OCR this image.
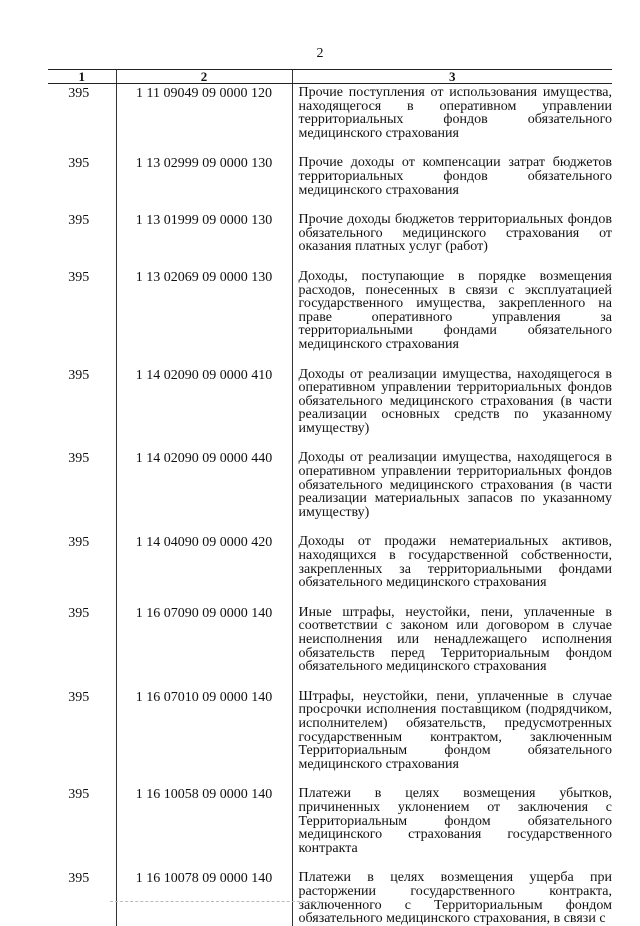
2
1	2	3
395	1 11 09049 09 0000 120	Прочие поступления от использования имущества, находящегося в оперативном управлении территориальных фондов обязательного медицинского страхования
395	1 13 02999 09 0000 130	Прочие доходы от компенсации затрат бюджетов территориальных фондов обязательного медицинского страхования
395	1 13 01999 09 0000 130	Прочие доходы бюджетов территориальных фондов обязательного медицинского страхования от оказания платных услуг (работ)
395	1 13 02069 09 0000 130	Доходы, поступающие в порядке возмещения расходов, понесенных в связи с эксплуатацией государственного имущества, закрепленного на праве оперативного управления за территориальными фондами обязательного медицинского страхования
395	1 14 02090 09 0000 410	Доходы от реализации имущества, находящегося в оперативном управлении территориальных фондов обязательного медицинского страхования (в части реализации основных средств по указанному имуществу)
395	1 14 02090 09 0000 440	Доходы от реализации имущества, находящегося в оперативном управлении территориальных фондов обязательного медицинского страхования (в части реализации материальных запасов по указанному имуществу)
395	1 14 04090 09 0000 420	Доходы от продажи нематериальных активов, находящихся в государственной собственности, закрепленных за территориальными фондами обязательного медицинского страхования
395	1 16 07090 09 0000 140	Иные штрафы, неустойки, пени, уплаченные в соответствии с законом или договором в случае неисполнения или ненадлежащего исполнения обязательств перед Территориальным фондом обязательного медицинского страхования
395	1 16 07010 09 0000 140	Штрафы, неустойки, пени, уплаченные в случае просрочки исполнения поставщиком (подрядчиком, исполнителем) обязательств, предусмотренных государственным контрактом, заключенным Территориальным фондом обязательного медицинского страхования
395	1 16 10058 09 0000 140	Платежи в целях возмещения убытков, причиненных уклонением от заключения с Территориальным фондом обязательного медицинского страхования государственного контракта
395	1 16 10078 09 0000 140	Платежи в целях возмещения ущерба при расторжении государственного контракта, заключенного с Территориальным фондом обязательного медицинского страхования, в связи с
